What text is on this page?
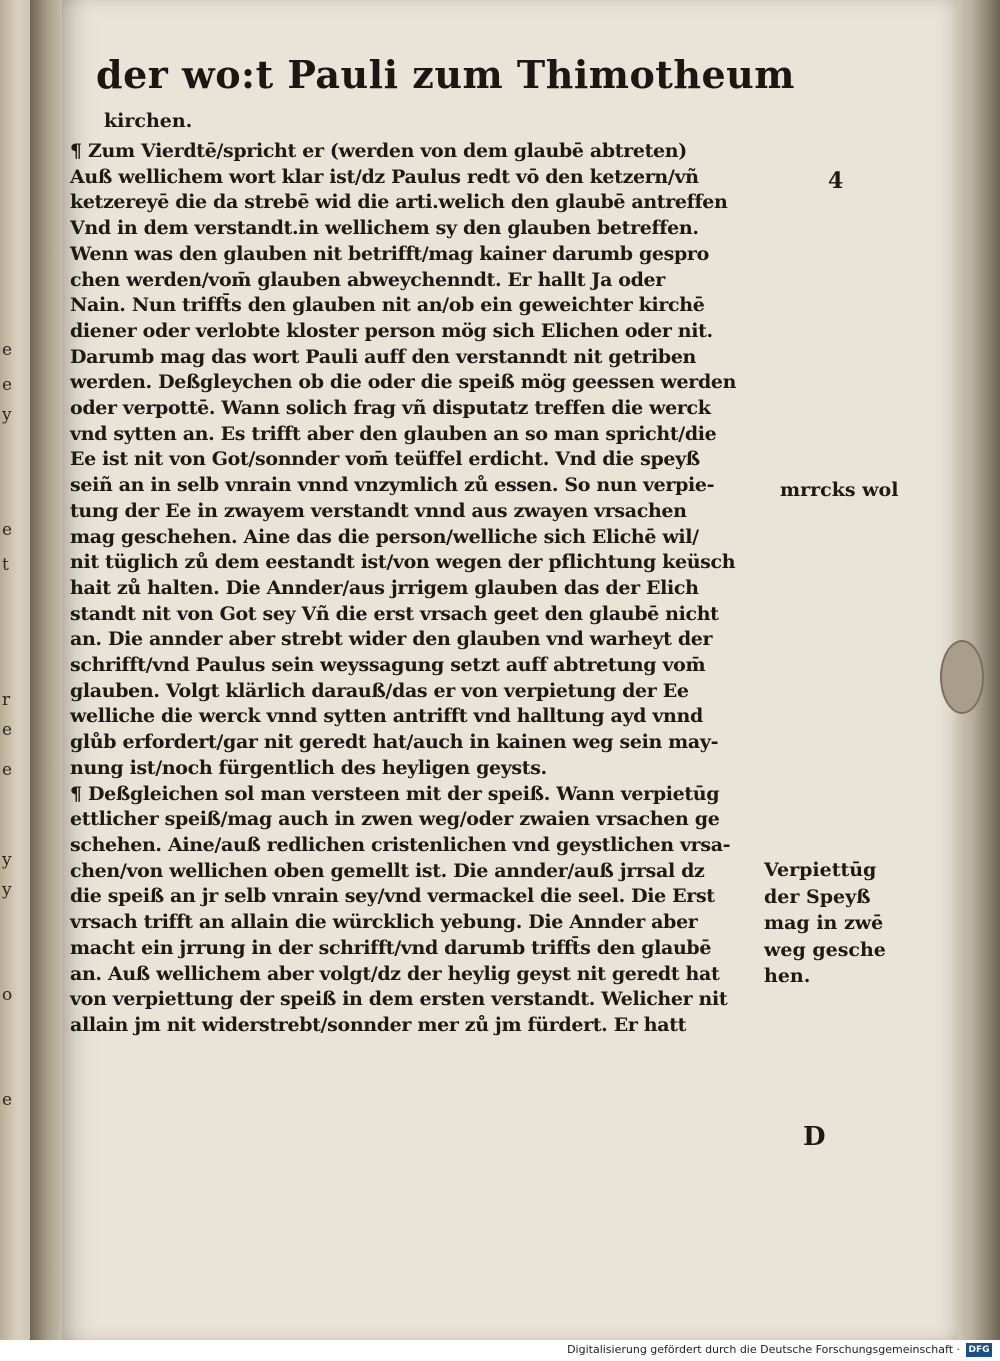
e
e
y
e
t
r
e
e
y
y
o
e
der wo:t Pauli zum Thimotheum
kirchen.
¶ Zum Vierdtē/spricht er (werden von dem glaubē abtreten)
Auß wellichem wort klar ist/dz Paulus redt vō den ketzern/vñ
ketzereyē die da strebē wid die arti.welich den glaubē antreffen
Vnd in dem verstandt.in wellichem sy den glauben betreffen.
Wenn was den glauben nit betrifft/mag kainer darumb gespro
chen werden/vom̄ glauben abweychenndt. Er hallt Ja oder
Nain. Nun trifft̄s den glauben nit an/ob ein geweichter kirchē
diener oder verlobte kloster person mög sich Elichen oder nit.
Darumb mag das wort Pauli auff den verstanndt nit getriben
werden. Deßgleychen ob die oder die speiß mög geessen werden
oder verpottē. Wann solich frag vñ disputatz treffen die werck
vnd sytten an. Es trifft aber den glauben an so man spricht/die
Ee ist nit von Got/sonnder vom̄ teüffel erdicht. Vnd die speyß
seiñ an in selb vnrain vnnd vnzymlich zů essen. So nun verpie-
tung der Ee in zwayem verstandt vnnd aus zwayen vrsachen
mag geschehen. Aine das die person/welliche sich Elichē wil/
nit tüglich zů dem eestandt ist/von wegen der pflichtung keüsch
hait zů halten. Die Annder/aus jrrigem glauben das der Elich
standt nit von Got sey Vñ die erst vrsach geet den glaubē nicht
an. Die annder aber strebt wider den glauben vnd warheyt der
schrifft/vnd Paulus sein weyssagung setzt auff abtretung vom̄
glauben. Volgt klärlich darauß/das er von verpietung der Ee
welliche die werck vnnd sytten antrifft vnd halltung ayd vnnd
glůb erfordert/gar nit geredt hat/auch in kainen weg sein may-
nung ist/noch fürgentlich des heyligen geysts.
¶ Deßgleichen sol man versteen mit der speiß. Wann verpietūg
ettlicher speiß/mag auch in zwen weg/oder zwaien vrsachen ge
schehen. Aine/auß redlichen cristenlichen vnd geystlichen vrsa-
chen/von wellichen oben gemellt ist. Die annder/auß jrrsal dz
die speiß an jr selb vnrain sey/vnd vermackel die seel. Die Erst
vrsach trifft an allain die würcklich yebung. Die Annder aber
macht ein jrrung in der schrifft/vnd darumb trifft̄s den glaubē
an. Auß wellichem aber volgt/dz der heylig geyst nit geredt hat
von verpiettung der speiß in dem ersten verstandt. Welicher nit
allain jm nit widerstrebt/sonnder mer zů jm fürdert. Er hatt
4
mrrcks wol
Verpiettūg
der Speyß
mag in zwē
weg gesche
hen.
D
Digitalisierung gefördert durch die Deutsche Forschungsgemeinschaft · DFG
